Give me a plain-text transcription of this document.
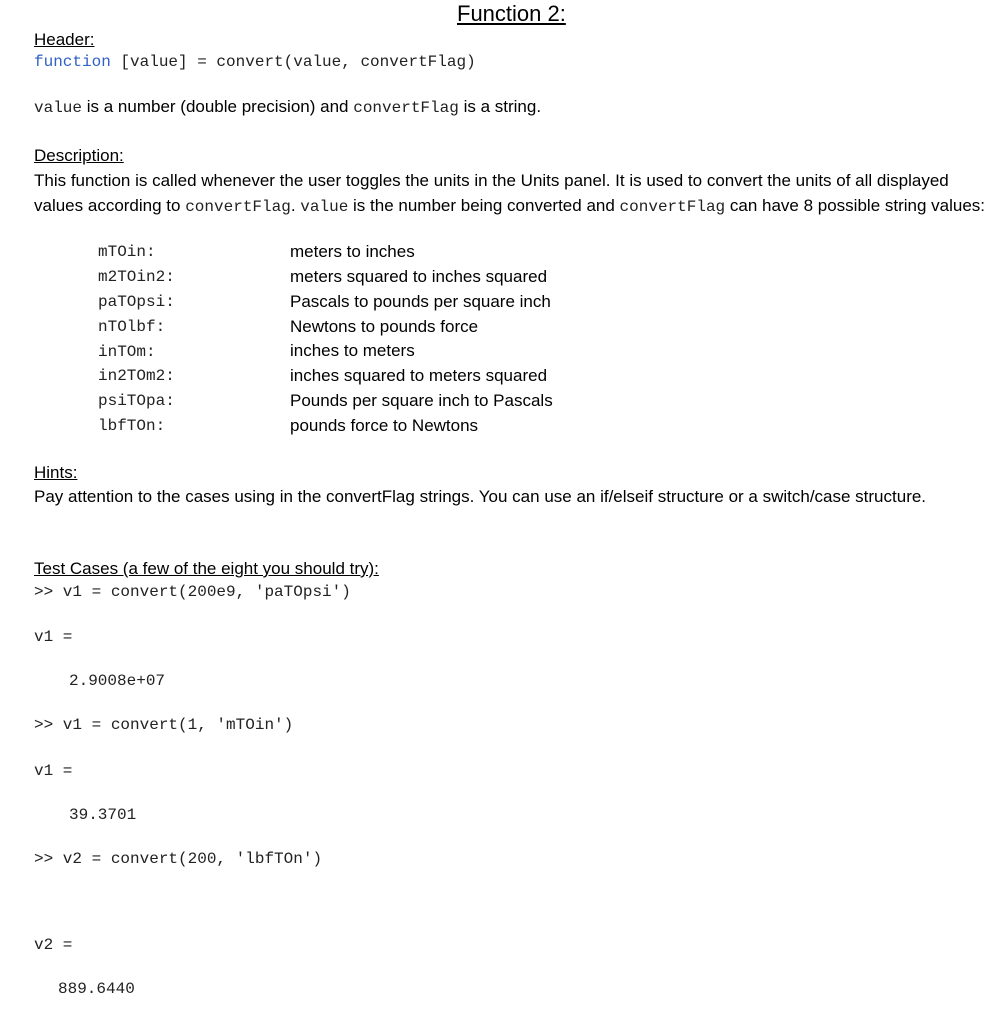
Function 2:
Header:
function [value] = convert(value, convertFlag)
value is a number (double precision) and convertFlag is a string.
Description:
This function is called whenever the user toggles the units in the Units panel. It is used to convert the units of all displayed values according to convertFlag. value is the number being converted and convertFlag can have 8 possible string values:
mTOin:	meters to inches
m2TOin2:	meters squared to inches squared
paTOpsi:	Pascals to pounds per square inch
nTOlbf:	Newtons to pounds force
inTOm:	inches to meters
in2TOm2:	inches squared to meters squared
psiTOpa:	Pounds per square inch to Pascals
lbfTOn:	pounds force to Newtons
Hints:
Pay attention to the cases using in the convertFlag strings. You can use an if/elseif structure or a switch/case structure.
Test Cases (a few of the eight you should try):
>> v1 = convert(200e9, 'paTOpsi')
v1 =
2.9008e+07
>> v1 = convert(1, 'mTOin')
v1 =
39.3701
>> v2 = convert(200, 'lbfTOn')
v2 =
889.6440
